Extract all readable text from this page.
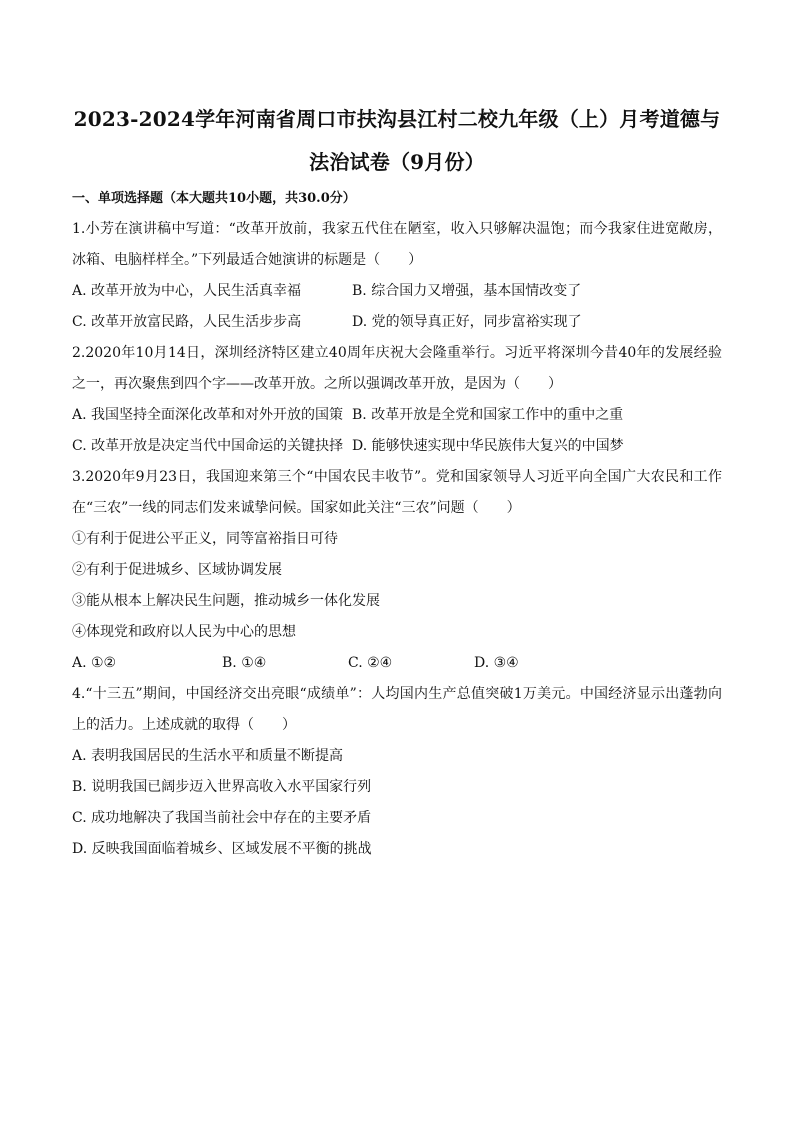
2023-2024学年河南省周口市扶沟县江村二校九年级（上）月考道德与
法治试卷（9月份）
一、单项选择题（本大题共10小题，共30.0分）

1.小芳在演讲稿中写道：“改革开放前，我家五代住在陋室，收入只够解决温饱；而今我家住进宽敞房，冰箱、电脑样样全。”下列最适合她演讲的标题是（　　）

A. 改革开放为中心，人民生活真幸福	B. 综合国力又增强，基本国情改变了
C. 改革开放富民路，人民生活步步高	D. 党的领导真正好，同步富裕实现了

2.2020年10月14日，深圳经济特区建立40周年庆祝大会隆重举行。习近平将深圳今昔40年的发展经验之一，再次聚焦到四个字——改革开放。之所以强调改革开放，是因为（　　）

A. 我国坚持全面深化改革和对外开放的国策 B. 改革开放是全党和国家工作中的重中之重
C. 改革开放是决定当代中国命运的关键抉择 D. 能够快速实现中华民族伟大复兴的中国梦

3.2020年9月23日，我国迎来第三个“中国农民丰收节”。党和国家领导人习近平向全国广大农民和工作在“三农”一线的同志们发来诚挚问候。国家如此关注“三农”问题（　　）

①有利于促进公平正义，同等富裕指日可待

②有利于促进城乡、区域协调发展

③能从根本上解决民生问题，推动城乡一体化发展

④体现党和政府以人民为中心的思想

A. ①②	B. ①④	C. ②④	D. ③④

4.“十三五”期间，中国经济交出亮眼“成绩单”：人均国内生产总值突破1万美元。中国经济显示出蓬勃向上的活力。上述成就的取得（　　）

A. 表明我国居民的生活水平和质量不断提高
B. 说明我国已阔步迈入世界高收入水平国家行列
C. 成功地解决了我国当前社会中存在的主要矛盾
D. 反映我国面临着城乡、区域发展不平衡的挑战
